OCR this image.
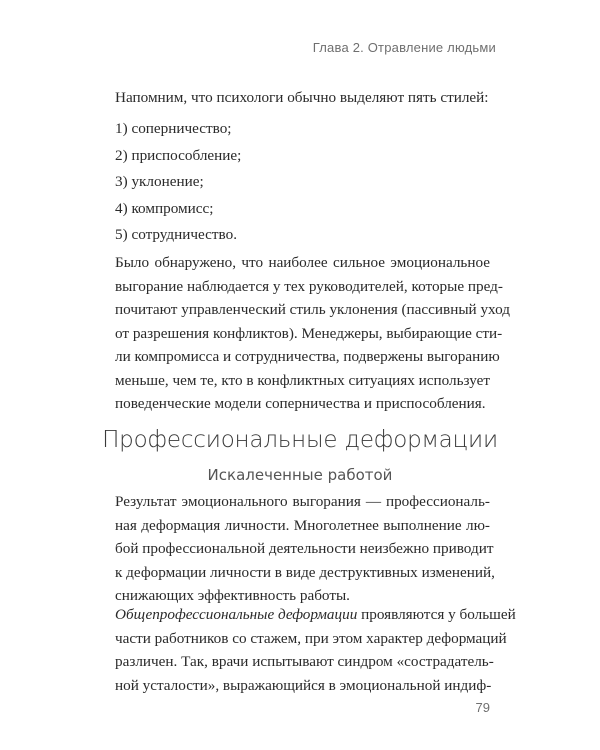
Глава 2. Отравление людьми
Напомним, что психологи обычно выделяют пять стилей:
1) соперничество;
2) приспособление;
3) уклонение;
4) компромисс;
5) сотрудничество.
Было обнаружено, что наиболее сильное эмоциональное
выгорание наблюдается у тех руководителей, которые пред-
почитают управленческий стиль уклонения (пассивный уход
от разрешения конфликтов). Менеджеры, выбирающие сти-
ли компромисса и сотрудничества, подвержены выгоранию
меньше, чем те, кто в конфликтных ситуациях использует
поведенческие модели соперничества и приспособления.
Профессиональные деформации
Искалеченные работой
Результат эмоционального выгорания — профессиональ-
ная деформация личности. Многолетнее выполнение лю-
бой профессиональной деятельности неизбежно приводит
к деформации личности в виде деструктивных изменений,
снижающих эффективность работы.
Общепрофессиональные деформации проявляются у большей
части работников со стажем, при этом характер деформаций
различен. Так, врачи испытывают синдром «сострадатель-
ной усталости», выражающийся в эмоциональной индиф-
79
